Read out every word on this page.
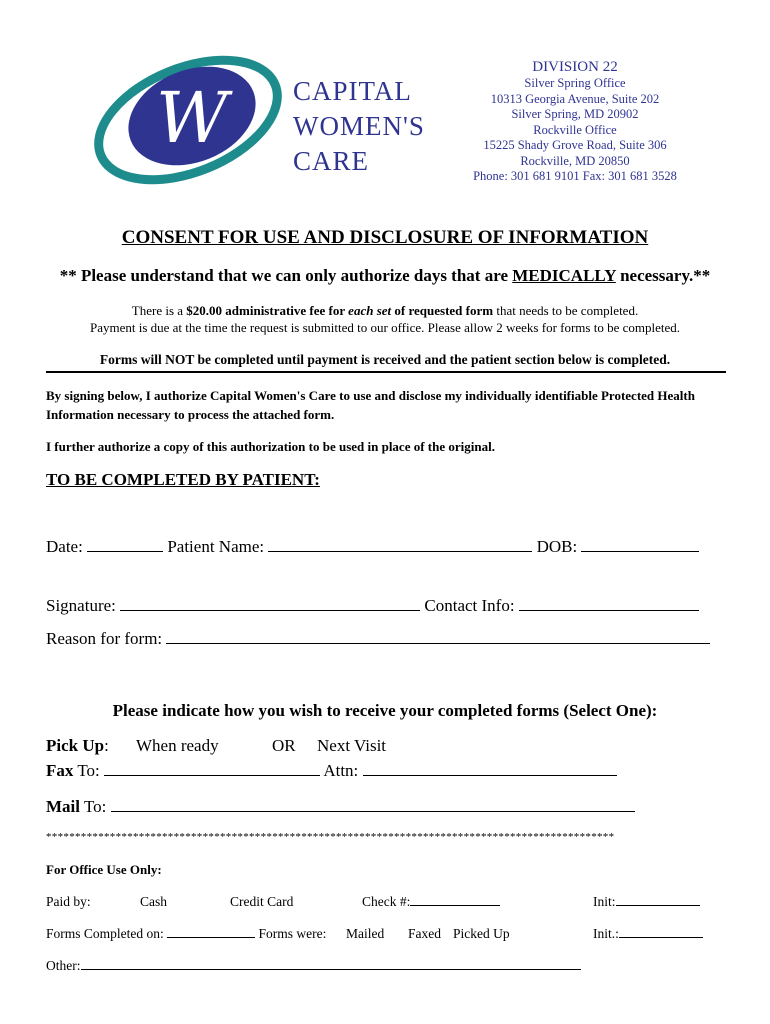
W CAPITAL
WOMEN'S
CARE
DIVISION 22
Silver Spring Office
10313 Georgia Avenue, Suite 202
Silver Spring, MD 20902
Rockville Office
15225 Shady Grove Road, Suite 306
Rockville, MD 20850
Phone: 301 681 9101 Fax: 301 681 3528
CONSENT FOR USE AND DISCLOSURE OF INFORMATION
** Please understand that we can only authorize days that are MEDICALLY necessary.**
There is a $20.00 administrative fee for each set of requested form that needs to be completed.
Payment is due at the time the request is submitted to our office. Please allow 2 weeks for forms to be completed.
Forms will NOT be completed until payment is received and the patient section below is completed.
By signing below, I authorize Capital Women's Care to use and disclose my individually identifiable Protected Health Information necessary to process the attached form.
I further authorize a copy of this authorization to be used in place of the original.
TO BE COMPLETED BY PATIENT:
Date:	Patient Name:	DOB:
Signature:	Contact Info:
Reason for form:
Please indicate how you wish to receive your completed forms (Select One):
Pick Up: When ready	OR Next Visit
Fax To:	Attn:
Mail To:
**************************************************************************************************
For Office Use Only:
Paid by:	Cash	Credit Card	Check #:	Init:
Forms Completed on:	Forms were: Mailed Faxed Picked Up	Init.:
Other:
